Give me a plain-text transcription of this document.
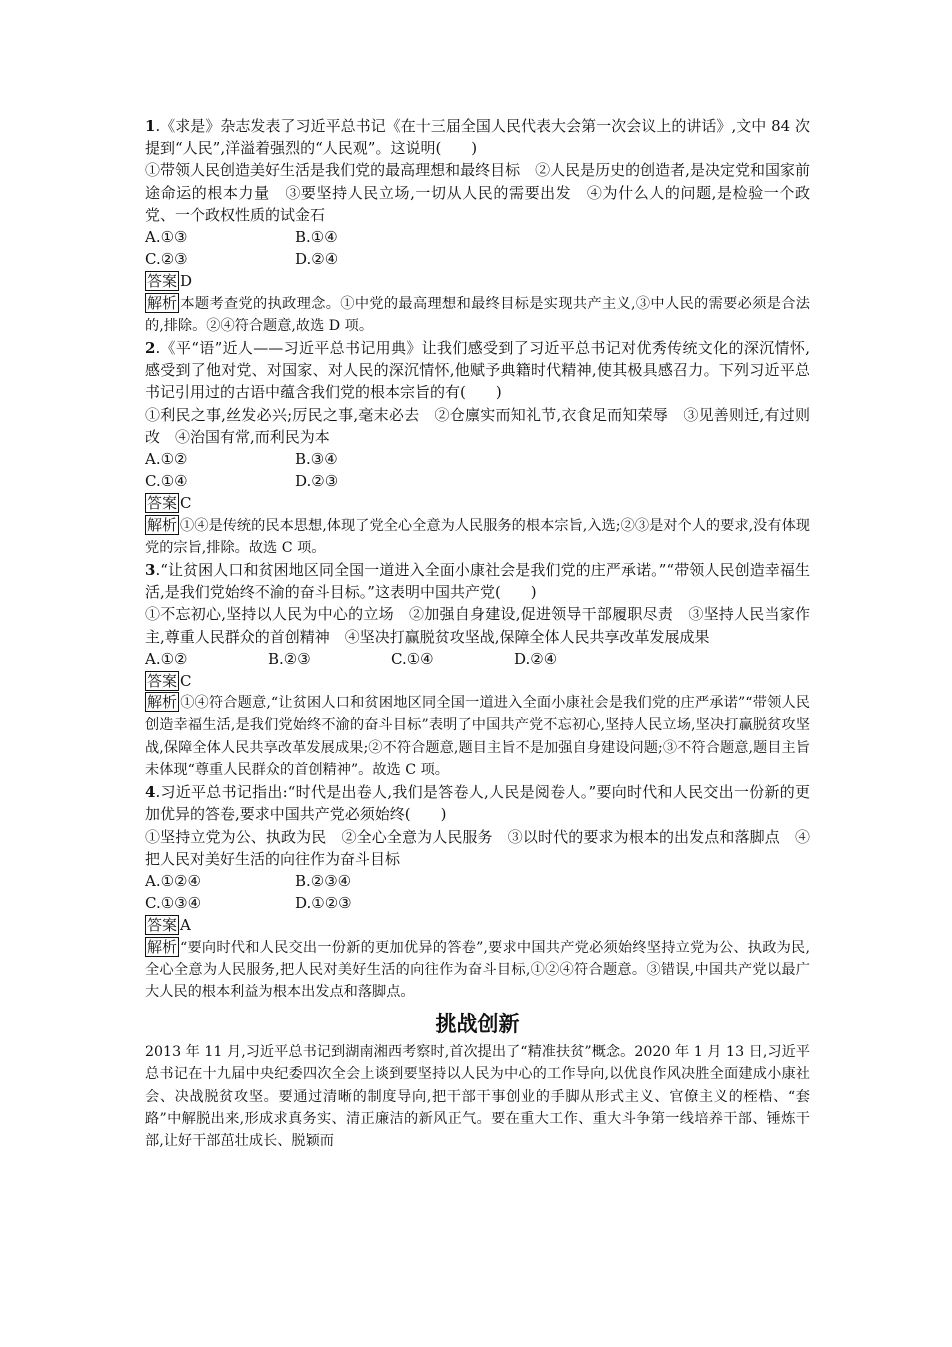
1.《求是》杂志发表了习近平总书记《在十三届全国人民代表大会第一次会议上的讲话》,文中 84 次提到“人民”,洋溢着强烈的“人民观”。这说明(　　)

①带领人民创造美好生活是我们党的最高理想和最终目标　②人民是历史的创造者,是决定党和国家前途命运的根本力量　③要坚持人民立场,一切从人民的需要出发　④为什么人的问题,是检验一个政党、一个政权性质的试金石

A.①③	B.①④
C.②③	D.②④
答案 D
解析 本题考查党的执政理念。①中党的最高理想和最终目标是实现共产主义,③中人民的需要必须是合法的,排除。②④符合题意,故选 D 项。

2.《平“语”近人——习近平总书记用典》让我们感受到了习近平总书记对优秀传统文化的深沉情怀,感受到了他对党、对国家、对人民的深沉情怀,他赋予典籍时代精神,使其极具感召力。下列习近平总书记引用过的古语中蕴含我们党的根本宗旨的有(　　)

①利民之事,丝发必兴;厉民之事,毫末必去　②仓廪实而知礼节,衣食足而知荣辱　③见善则迁,有过则改　④治国有常,而利民为本

A.①②	B.③④
C.①④	D.②③
答案 C
解析 ①④是传统的民本思想,体现了党全心全意为人民服务的根本宗旨,入选;②③是对个人的要求,没有体现党的宗旨,排除。故选 C 项。

3.“让贫困人口和贫困地区同全国一道进入全面小康社会是我们党的庄严承诺。”“带领人民创造幸福生活,是我们党始终不渝的奋斗目标。”这表明中国共产党(　　)

①不忘初心,坚持以人民为中心的立场　②加强自身建设,促进领导干部履职尽责　③坚持人民当家作主,尊重人民群众的首创精神　④坚决打赢脱贫攻坚战,保障全体人民共享改革发展成果

A.①②	B.②③	C.①④	D.②④
答案 C
解析 ①④符合题意,“让贫困人口和贫困地区同全国一道进入全面小康社会是我们党的庄严承诺”“带领人民创造幸福生活,是我们党始终不渝的奋斗目标”表明了中国共产党不忘初心,坚持人民立场,坚决打赢脱贫攻坚战,保障全体人民共享改革发展成果;②不符合题意,题目主旨不是加强自身建设问题;③不符合题意,题目主旨未体现“尊重人民群众的首创精神”。故选 C 项。

4.习近平总书记指出:“时代是出卷人,我们是答卷人,人民是阅卷人。”要向时代和人民交出一份新的更加优异的答卷,要求中国共产党必须始终(　　)

①坚持立党为公、执政为民　②全心全意为人民服务　③以时代的要求为根本的出发点和落脚点　④把人民对美好生活的向往作为奋斗目标

A.①②④	B.②③④
C.①③④	D.①②③
答案 A
解析 “要向时代和人民交出一份新的更加优异的答卷”,要求中国共产党必须始终坚持立党为公、执政为民,全心全意为人民服务,把人民对美好生活的向往作为奋斗目标,①②④符合题意。③错误,中国共产党以最广大人民的根本利益为根本出发点和落脚点。
挑战创新
2013 年 11 月,习近平总书记到湖南湘西考察时,首次提出了“精准扶贫”概念。2020 年 1 月 13 日,习近平总书记在十九届中央纪委四次全会上谈到要坚持以人民为中心的工作导向,以优良作风决胜全面建成小康社会、决战脱贫攻坚。要通过清晰的制度导向,把干部干事创业的手脚从形式主义、官僚主义的桎梏、“套路”中解脱出来,形成求真务实、清正廉洁的新风正气。要在重大工作、重大斗争第一线培养干部、锤炼干部,让好干部茁壮成长、脱颖而
